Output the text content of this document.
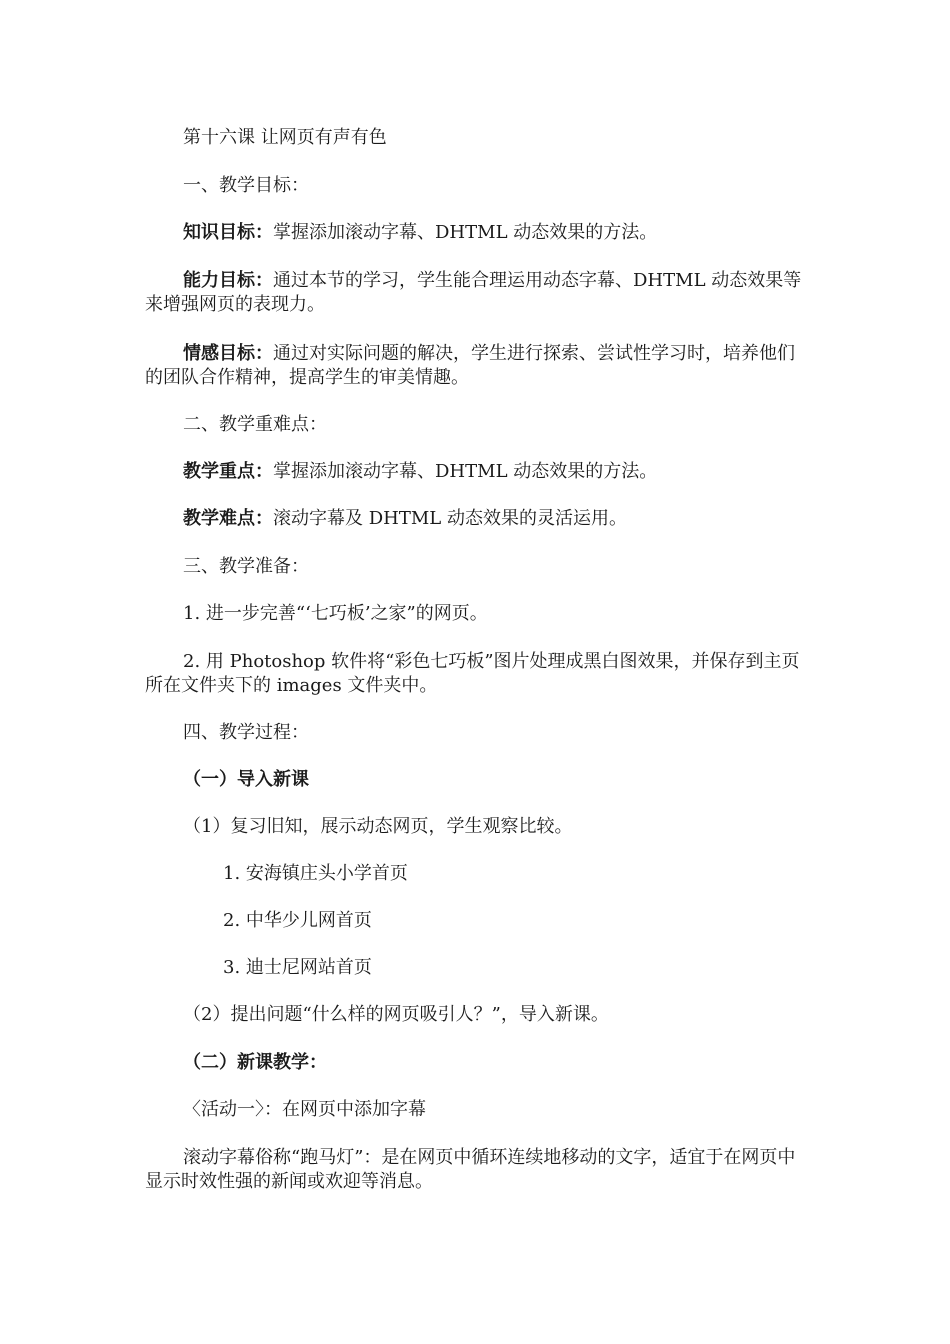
第十六课 让网页有声有色
一、教学目标：
知识目标：掌握添加滚动字幕、DHTML 动态效果的方法。
能力目标：通过本节的学习，学生能合理运用动态字幕、DHTML 动态效果等来增强网页的表现力。
情感目标：通过对实际问题的解决，学生进行探索、尝试性学习时，培养他们的团队合作精神，提高学生的审美情趣。
二、教学重难点：
教学重点：掌握添加滚动字幕、DHTML 动态效果的方法。
教学难点：滚动字幕及 DHTML 动态效果的灵活运用。
三、教学准备：
1. 进一步完善“‘七巧板’之家”的网页。
2. 用 Photoshop 软件将“彩色七巧板”图片处理成黑白图效果，并保存到主页所在文件夹下的 images 文件夹中。
四、教学过程：
（一）导入新课
（1）复习旧知，展示动态网页，学生观察比较。
1. 安海镇庄头小学首页
2. 中华少儿网首页
3. 迪士尼网站首页
（2）提出问题“什么样的网页吸引人？”，导入新课。
（二）新课教学：
〈活动一〉：在网页中添加字幕
滚动字幕俗称“跑马灯”：是在网页中循环连续地移动的文字，适宜于在网页中显示时效性强的新闻或欢迎等消息。
